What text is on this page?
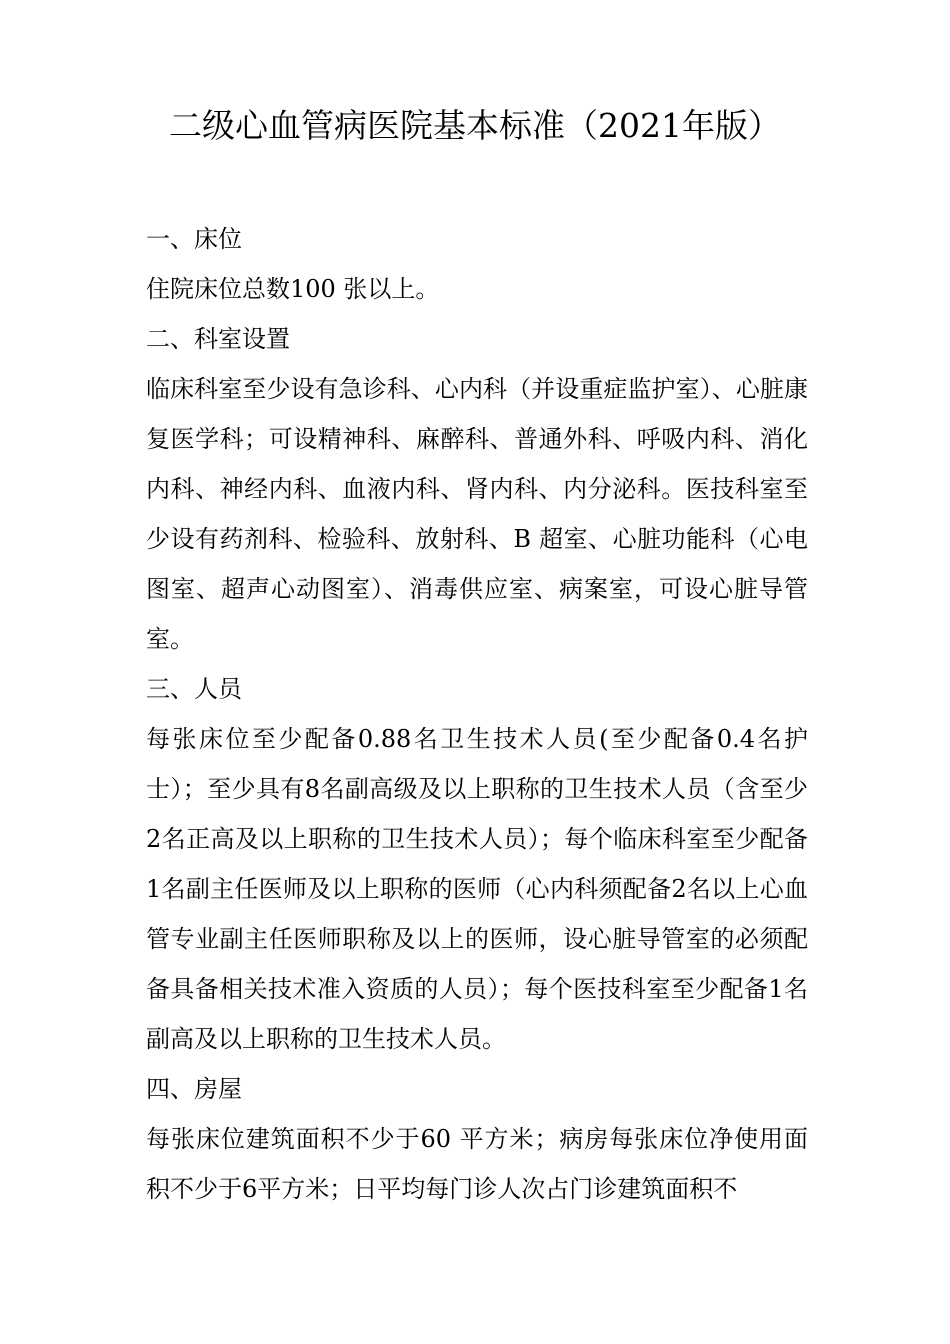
二级心血管病医院基本标准（2021年版）

一、床位

住院床位总数100 张以上。

二、科室设置

临床科室至少设有急诊科、心内科（并设重症监护室）、心脏康复医学科；可设精神科、麻醉科、普通外科、呼吸内科、消化内科、神经内科、血液内科、肾内科、内分泌科。医技科室至少设有药剂科、检验科、放射科、B 超室、心脏功能科（心电图室、超声心动图室）、消毒供应室、病案室，可设心脏导管室。

三、人员

每张床位至少配备0.88名卫生技术人员(至少配备0.4名护士）；至少具有8名副高级及以上职称的卫生技术人员（含至少2名正高及以上职称的卫生技术人员）；每个临床科室至少配备1名副主任医师及以上职称的医师（心内科须配备2名以上心血管专业副主任医师职称及以上的医师，设心脏导管室的必须配备具备相关技术准入资质的人员）；每个医技科室至少配备1名副高及以上职称的卫生技术人员。

四、房屋

每张床位建筑面积不少于60 平方米；病房每张床位净使用面积不少于6平方米；日平均每门诊人次占门诊建筑面积不
